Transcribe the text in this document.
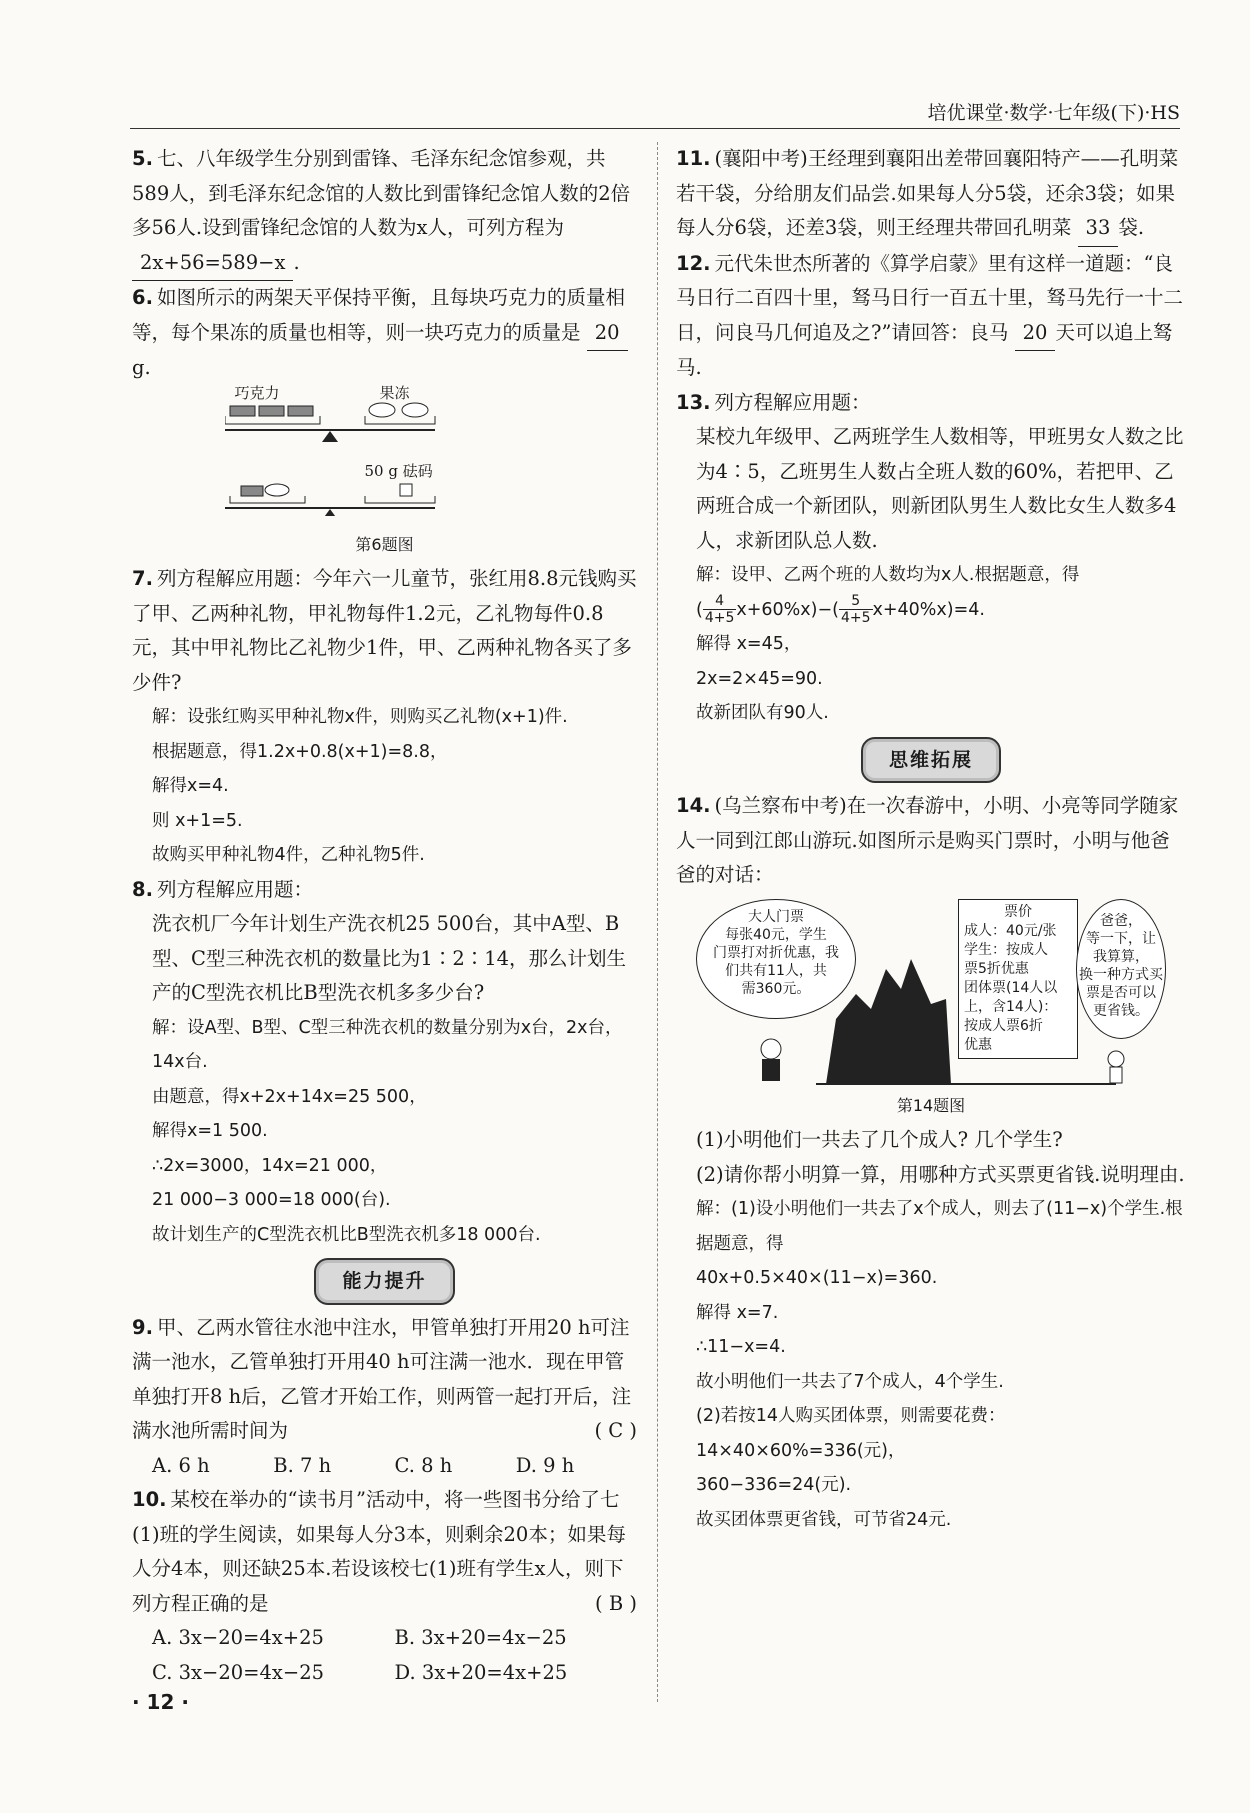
培优课堂·数学·七年级(下)·HS
5. 七、八年级学生分别到雷锋、毛泽东纪念馆参观，共589人，到毛泽东纪念馆的人数比到雷锋纪念馆人数的2倍多56人.设到雷锋纪念馆的人数为x人，可列方程为 2x+56=589−x .
6. 如图所示的两架天平保持平衡，且每块巧克力的质量相等，每个果冻的质量也相等，则一块巧克力的质量是 20g.
巧克力	果冻
50 g 砝码
第6题图
7. 列方程解应用题：今年六一儿童节，张红用8.8元钱购买了甲、乙两种礼物，甲礼物每件1.2元，乙礼物每件0.8元，其中甲礼物比乙礼物少1件，甲、乙两种礼物各买了多少件?
解：设张红购买甲种礼物x件，则购买乙礼物(x+1)件.
根据题意，得1.2x+0.8(x+1)=8.8，
解得x=4.
则 x+1=5.
故购买甲种礼物4件，乙种礼物5件.
8. 列方程解应用题：
洗衣机厂今年计划生产洗衣机25 500台，其中A型、B型、C型三种洗衣机的数量比为1∶2∶14，那么计划生产的C型洗衣机比B型洗衣机多多少台?
解：设A型、B型、C型三种洗衣机的数量分别为x台，2x台，14x台.
由题意，得x+2x+14x=25 500，
解得x=1 500.
∴2x=3000，14x=21 000，
21 000−3 000=18 000(台).
故计划生产的C型洗衣机比B型洗衣机多18 000台.
能力提升
9. 甲、乙两水管往水池中注水，甲管单独打开用20 h可注满一池水，乙管单独打开用40 h可注满一池水．现在甲管单独打开8 h后，乙管才开始工作，则两管一起打开后，注满水池所需时间为	( C )
A. 6 h	B. 7 h	C. 8 h	D. 9 h
10. 某校在举办的“读书月”活动中，将一些图书分给了七(1)班的学生阅读，如果每人分3本，则剩余20本；如果每人分4本，则还缺25本.若设该校七(1)班有学生x人，则下列方程正确的是	( B )
A. 3x−20=4x+25	B. 3x+20=4x−25
C. 3x−20=4x−25	D. 3x+20=4x+25
11. (襄阳中考)王经理到襄阳出差带回襄阳特产——孔明菜若干袋，分给朋友们品尝.如果每人分5袋，还余3袋；如果每人分6袋，还差3袋，则王经理共带回孔明菜 33 袋.
12. 元代朱世杰所著的《算学启蒙》里有这样一道题：“良马日行二百四十里，驽马日行一百五十里，驽马先行一十二日，问良马几何追及之?”请回答：良马 20 天可以追上驽马.
13. 列方程解应用题：
某校九年级甲、乙两班学生人数相等，甲班男女人数之比为4∶5，乙班男生人数占全班人数的60%，若把甲、乙两班合成一个新团队，则新团队男生人数比女生人数多4人，求新团队总人数.
解：设甲、乙两个班的人数均为x人.根据题意，得
( $\frac{4}{4+5} x+60\%x)-( \frac{5}{4+5} x+40\%x)=4$.
解得 x=45，
2x=2×45=90.
故新团队有90人.
思维拓展
14. (乌兰察布中考)在一次春游中，小明、小亮等同学随家人一同到江郎山游玩.如图所示是购买门票时，小明与他爸爸的对话：
大人门票
每张40元，学生
门票打对折优惠，我
们共有11人，共
需360元。
票价
成人：40元/张
学生：按成人
票5折优惠
团体票(14人以
上，含14人)：
按成人票6折
优惠
爸爸，
等一下，让
我算算，
换一种方式买
票是否可以
更省钱。
第14题图
(1)小明他们一共去了几个成人? 几个学生?
(2)请你帮小明算一算，用哪种方式买票更省钱.说明理由.
解：(1)设小明他们一共去了x个成人，则去了(11−x)个学生.根据题意，得
40x+0.5×40×(11−x)=360.
解得 x=7.
∴11−x=4.
故小明他们一共去了7个成人，4个学生.
(2)若按14人购买团体票，则需要花费：
14×40×60%=336(元)，
360−336=24(元).
故买团体票更省钱，可节省24元.
· 12 ·
